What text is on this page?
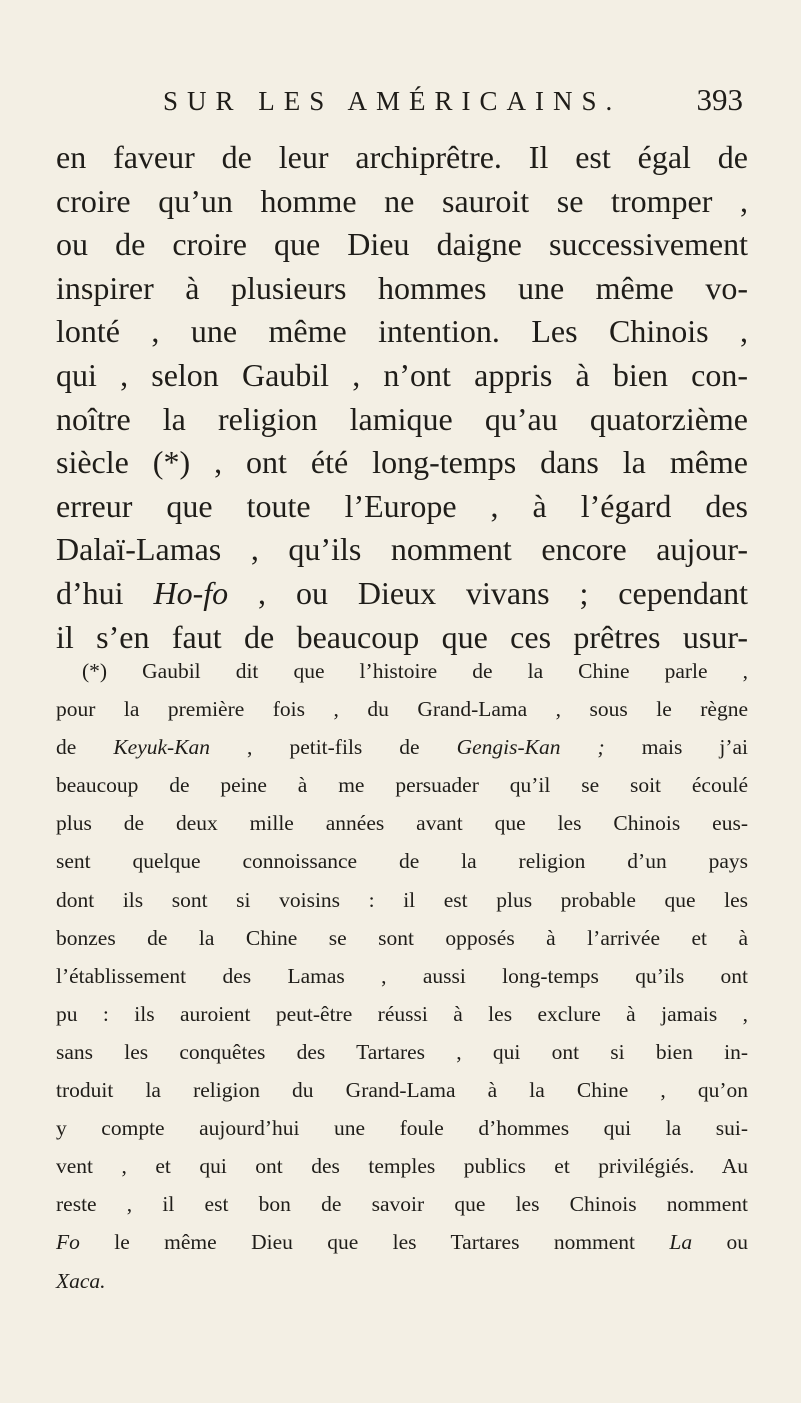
SUR LES AMÉRICAINS. 393
en faveur de leur archiprêtre. Il est égal de
croire qu’un homme ne sauroit se tromper ,
ou de croire que Dieu daigne successivement
inspirer à plusieurs hommes une même vo-
lonté , une même intention. Les Chinois ,
qui , selon Gaubil , n’ont appris à bien con-
noître la religion lamique qu’au quatorzième
siècle (*) , ont été long-temps dans la même
erreur que toute l’Europe , à l’égard des
Dalaï-Lamas , qu’ils nomment encore aujour-
d’hui Ho-fo , ou Dieux vivans ; cependant
il s’en faut de beaucoup que ces prêtres usur-
(*) Gaubil dit que l’histoire de la Chine parle ,
pour la première fois , du Grand-Lama , sous le règne
de Keyuk-Kan , petit-fils de Gengis-Kan ; mais j’ai
beaucoup de peine à me persuader qu’il se soit écoulé
plus de deux mille années avant que les Chinois eus-
sent quelque connoissance de la religion d’un pays
dont ils sont si voisins : il est plus probable que les
bonzes de la Chine se sont opposés à l’arrivée et à
l’établissement des Lamas , aussi long-temps qu’ils ont
pu : ils auroient peut-être réussi à les exclure à jamais ,
sans les conquêtes des Tartares , qui ont si bien in-
troduit la religion du Grand-Lama à la Chine , qu’on
y compte aujourd’hui une foule d’hommes qui la sui-
vent , et qui ont des temples publics et privilégiés. Au
reste , il est bon de savoir que les Chinois nomment
Fo le même Dieu que les Tartares nomment La ou
Xaca.
